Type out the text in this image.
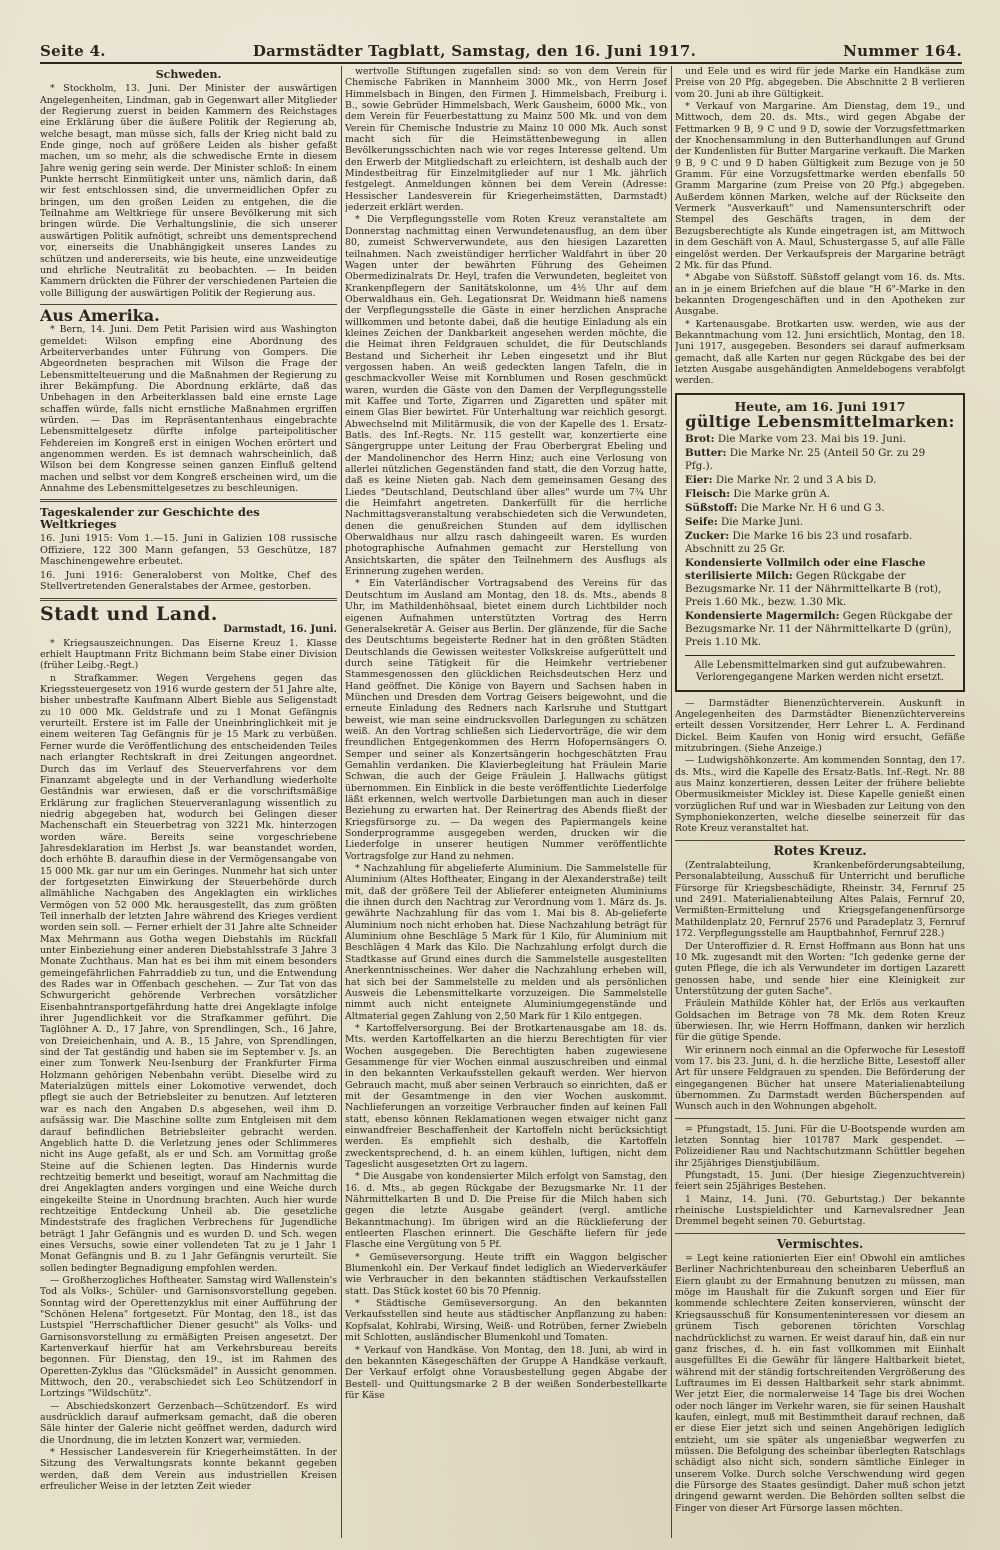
Seite 4.	Darmstädter Tagblatt, Samstag, den 16. Juni 1917.	Nummer 164.
Schweden.

* Stockholm, 13. Juni. Der Minister der auswärtigen Angelegenheiten, Lindman, gab in Gegenwart aller Mitglieder der Regierung zuerst in beiden Kammern des Reichstages eine Erklärung über die äußere Politik der Regierung ab, welche besagt, man müsse sich, falls der Krieg nicht bald zu Ende ginge, noch auf größere Leiden als bisher gefaßt machen, um so mehr, als die schwedische Ernte in diesem Jahre wenig gering sein werde. Der Minister schloß: In einem Punkte herrscht Einmütigkeit unter uns, nämlich darin, daß wir fest entschlossen sind, die unvermeidlichen Opfer zu bringen, um den großen Leiden zu entgehen, die die Teilnahme am Weltkriege für unsere Bevölkerung mit sich bringen würde. Die Verhaltungslinie, die sich unserer auswärtigen Politik aufnötigt, schreibt uns dementsprechend vor, einerseits die Unabhängigkeit unseres Landes zu schützen und andererseits, wie bis heute, eine unzweideutige und ehrliche Neutralität zu beobachten. — In beiden Kammern drückten die Führer der verschiedenen Parteien die volle Billigung der auswärtigen Politik der Regierung aus.

Aus Amerika.

* Bern, 14. Juni. Dem Petit Parisien wird aus Washington gemeldet: Wilson empfing eine Abordnung des Arbeiterverbandes unter Führung von Gompers. Die Abgeordneten besprachen mit Wilson die Frage der Lebensmittelteuerung und die Maßnahmen der Regierung zu ihrer Bekämpfung. Die Abordnung erklärte, daß das Unbehagen in den Arbeiterklassen bald eine ernste Lage schaffen würde, falls nicht ernstliche Maßnahmen ergriffen würden. — Das im Repräsentantenhaus eingebrachte Lebensmittelgesetz dürfte infolge parteipolitischer Fehdereien im Kongreß erst in einigen Wochen erörtert und angenommen werden. Es ist demnach wahrscheinlich, daß Wilson bei dem Kongresse seinen ganzen Einfluß geltend machen und selbst vor dem Kongreß erscheinen wird, um die Annahme des Lebensmittelgesetzes zu beschleunigen.

Tageskalender zur Geschichte des Weltkrieges

16. Juni 1915: Vom 1.—15. Juni in Galizien 108 russische Offiziere, 122 300 Mann gefangen, 53 Geschütze, 187 Maschinengewehre erbeutet.

16. Juni 1916: Generaloberst von Moltke, Chef des Stellvertretenden Generalstabes der Armee, gestorben.

Stadt und Land.
Darmstadt, 16. Juni.

* Kriegsauszeichnungen. Das Eiserne Kreuz 1. Klasse erhielt Hauptmann Fritz Bichmann beim Stabe einer Division (früher Leibg.-Regt.)

n Strafkammer. Wegen Vergehens gegen das Kriegssteuergesetz von 1916 wurde gestern der 51 Jahre alte, bisher unbestrafte Kaufmann Albert Bieble aus Seligenstadt zu 10 000 Mk. Geldstrafe und zu 1 Monat Gefängnis verurteilt. Erstere ist im Falle der Uneinbringlichkeit mit je einem weiteren Tag Gefängnis für je 15 Mark zu verbüßen. Ferner wurde die Veröffentlichung des entscheidenden Teiles nach erlangter Rechtskraft in drei Zeitungen angeordnet. Durch das im Verlauf des Steuerverfahrens vor dem Finanzamt abgelegte und in der Verhandlung wiederholte Geständnis war erwiesen, daß er die vorschriftsmäßige Erklärung zur fraglichen Steuerveranlagung wissentlich zu niedrig abgegeben hat, wodurch bei Gelingen dieser Machenschaft ein Steuerbetrag von 3221 Mk. hinterzogen worden wäre. Bereits seine vorgeschriebene Jahresdeklaration im Herbst Js. war beanstandet worden, doch erhöhte B. daraufhin diese in der Vermögensangabe von 15 000 Mk. gar nur um ein Geringes. Nunmehr hat sich unter der fortgesetzten Einwirkung der Steuerbehörde durch allmähliche Nachgaben des Angeklagten ein wirkliches Vermögen von 52 000 Mk. herausgestellt, das zum größten Teil innerhalb der letzten Jahre während des Krieges verdient worden sein soll. — Ferner erhielt der 31 Jahre alte Schneider Max Mehrmann aus Gotha wegen Diebstahls im Rückfall unter Einbeziehung einer anderen Diebstahlsstrafe 3 Jahre 3 Monate Zuchthaus. Man hat es bei ihm mit einem besonders gemeingefährlichen Fahrraddieb zu tun, und die Entwendung des Rades war in Offenbach geschehen. — Zur Tat von das Schwurgericht gehörende Verbrechen vorsätzlicher Eisenbahntransportgefährdung hatte drei Angeklagte infolge ihrer Jugendlichkeit vor die Strafkammer geführt. Die Taglöhner A. D., 17 Jahre, von Sprendlingen, Sch., 16 Jahre, von Dreieichenhain, und A. B., 15 Jahre, von Sprendlingen, sind der Tat geständig und haben sie im September v. Js. an einer zum Tonwerk Neu-Isenburg der Frankfurter Firma Holzmann gehörigen Nebenbahn verübt. Dieselbe wird zu Materialzügen mittels einer Lokomotive verwendet, doch pflegt sie auch der Betriebsleiter zu benutzen. Auf letzteren war es nach den Angaben D.s abgesehen, weil ihm D. aufsässig war. Die Maschine sollte zum Entgleisen mit dem darauf befindlichen Betriebsleiter gebracht werden. Angeblich hatte D. die Verletzung jenes oder Schlimmeres nicht ins Auge gefaßt, als er und Sch. am Vormittag große Steine auf die Schienen legten. Das Hindernis wurde rechtzeitig bemerkt und beseitigt, worauf am Nachmittag die drei Angeklagten anders vorgingen und eine Weiche durch eingekeilte Steine in Unordnung brachten. Auch hier wurde rechtzeitige Entdeckung Unheil ab. Die gesetzliche Mindeststrafe des fraglichen Verbrechens für Jugendliche beträgt 1 Jahr Gefängnis und es wurden D. und Sch. wegen eines Versuchs, sowie einer vollendeten Tat zu je 1 Jahr 1 Monat Gefängnis und B. zu 1 Jahr Gefängnis verurteilt. Sie sollen bedingter Begnadigung empfohlen werden.

— Großherzogliches Hoftheater. Samstag wird Wallenstein's Tod als Volks-, Schüler- und Garnisonsvorstellung gegeben. Sonntag wird der Operettenzyklus mit einer Aufführung der "Schönen Helena" fortgesetzt. Für Montag, den 18., ist das Lustspiel "Herrschaftlicher Diener gesucht" als Volks- und Garnisonsvorstellung zu ermäßigten Preisen angesetzt. Der Kartenverkauf hierfür hat am Verkehrsbureau bereits begonnen. Für Dienstag, den 19., ist im Rahmen des Operetten-Zyklus das "Glücksmädel" in Aussicht genommen. Mittwoch, den 20., verabschiedet sich Leo Schützendorf in Lortzings "Wildschütz".

— Abschiedskonzert Gerzenbach—Schützendorf. Es wird ausdrücklich darauf aufmerksam gemacht, daß die oberen Säle hinter der Galerie nicht geöffnet werden, dadurch wird die Unordnung, die im letzten Konzert war, vermieden.

* Hessischer Landesverein für Kriegerheimstätten. In der Sitzung des Verwaltungsrats konnte bekannt gegeben werden, daß dem Verein aus industriellen Kreisen erfreulicher Weise in der letzten Zeit wieder

wertvolle Stiftungen zugefallen sind: so von dem Verein für Chemische Fabriken in Mannheim 3000 Mk., von Herrn Josef Himmelsbach in Bingen, den Firmen J. Himmelsbach, Freiburg i. B., sowie Gebrüder Himmelsbach, Werk Gausheim, 6000 Mk., von dem Verein für Feuerbestattung zu Mainz 500 Mk. und von dem Verein für Chemische Industrie zu Mainz 10 000 Mk. Auch sonst macht sich für die Heimstättenbewegung in allen Bevölkerungsschichten nach wie vor reges Interesse geltend. Um den Erwerb der Mitgliedschaft zu erleichtern, ist deshalb auch der Mindestbeitrag für Einzelmitglieder auf nur 1 Mk. jährlich festgelegt. Anmeldungen können bei dem Verein (Adresse: Hessischer Landesverein für Kriegerheimstätten, Darmstadt) jederzeit erklärt werden.

* Die Verpflegungsstelle vom Roten Kreuz veranstaltete am Donnerstag nachmittag einen Verwundetenausflug, an dem über 80, zumeist Schwerverwundete, aus den hiesigen Lazaretten teilnahmen. Nach zweistündiger herrlicher Waldfahrt in über 20 Wagen unter der bewährten Führung des Geheimen Obermedizinalrats Dr. Heyl, trafen die Verwundeten, begleitet von Krankenpflegern der Sanitätskolonne, um 4½ Uhr auf dem Oberwaldhaus ein. Geh. Legationsrat Dr. Weidmann hieß namens der Verpflegungsstelle die Gäste in einer herzlichen Ansprache willkommen und betonte dabei, daß die heutige Einladung als ein kleines Zeichen der Dankbarkeit angesehen werden möchte, die die Heimat ihren Feldgrauen schuldet, die für Deutschlands Bestand und Sicherheit ihr Leben eingesetzt und ihr Blut vergossen haben. An weiß gedeckten langen Tafeln, die in geschmackvoller Weise mit Kornblumen und Rosen geschmückt waren, wurden die Gäste von den Damen der Verpflegungsstelle mit Kaffee und Torte, Zigarren und Zigaretten und später mit einem Glas Bier bewirtet. Für Unterhaltung war reichlich gesorgt. Abwechselnd mit Militärmusik, die von der Kapelle des 1. Ersatz-Batls. des Inf.-Regts. Nr. 115 gestellt war, konzertierte eine Sängergruppe unter Leitung der Frau Oberbergrat Ebeling und der Mandolinenchor des Herrn Hinz; auch eine Verlosung von allerlei nützlichen Gegenständen fand statt, die den Vorzug hatte, daß es keine Nieten gab. Nach dem gemeinsamen Gesang des Liedes "Deutschland, Deutschland über alles" wurde um 7¾ Uhr die Heimfahrt angetreten. Dankerfüllt für die herrliche Nachmittagsveranstaltung verabschiedeten sich die Verwundeten, denen die genußreichen Stunden auf dem idyllischen Oberwaldhaus nur allzu rasch dahingeeilt waren. Es wurden photographische Aufnahmen gemacht zur Herstellung von Ansichtskarten, die später den Teilnehmern des Ausflugs als Erinnerung zugehen werden.

* Ein Vaterländischer Vortragsabend des Vereins für das Deutschtum im Ausland am Montag, den 18. ds. Mts., abends 8 Uhr, im Mathildenhöhsaal, bietet einem durch Lichtbilder noch eigenen Aufnahmen unterstützten Vortrag des Herrn Generalsekretär A. Geiser aus Berlin. Der glänzende, für die Sache des Deutschtums begeisterte Redner hat in den größten Städten Deutschlands die Gewissen weitester Volkskreise aufgerüttelt und durch seine Tätigkeit für die Heimkehr vertriebener Stammesgenossen den glücklichen Reichsdeutschen Herz und Hand geöffnet. Die Könige von Bayern und Sachsen haben in München und Dresden dem Vortrag Geisers beigewohnt, und die erneute Einladung des Redners nach Karlsruhe und Stuttgart beweist, wie man seine eindrucksvollen Darlegungen zu schätzen weiß. An den Vortrag schließen sich Liedervorträge, die wir dem freundlichen Entgegenkommen des Herrn Hofopernsängers O. Semper und seiner als Konzertsängerin hochgeschätzten Frau Gemahlin verdanken. Die Klavierbegleitung hat Fräulein Marie Schwan, die auch der Geige Fräulein J. Hallwachs gütigst übernommen. Ein Einblick in die beste veröffentlichte Liederfolge läßt erkennen, welch wertvolle Darbietungen man auch in dieser Beziehung zu erwarten hat. Der Reinertrag des Abends fließt der Kriegsfürsorge zu. — Da wegen des Papiermangels keine Sonderprogramme ausgegeben werden, drucken wir die Liederfolge in unserer heutigen Nummer veröffentlichte Vortragsfolge zur Hand zu nehmen.

* Nachzahlung für abgelieferte Aluminium. Die Sammelstelle für Aluminium (Altes Hoftheater, Eingang in der Alexanderstraße) teilt mit, daß der größere Teil der Ablieferer enteigneten Aluminiums die ihnen durch den Nachtrag zur Verordnung vom 1. März ds. Js. gewährte Nachzahlung für das vom 1. Mai bis 8. Ab-gelieferte Aluminium noch nicht erhoben hat. Diese Nachzahlung beträgt für Aluminium ohne Beschläge 5 Mark für 1 Kilo, für Aluminium mit Beschlägen 4 Mark das Kilo. Die Nachzahlung erfolgt durch die Stadtkasse auf Grund eines durch die Sammelstelle ausgestellten Anerkenntnisscheines. Wer daher die Nachzahlung erheben will, hat sich bei der Sammelstelle zu melden und als persönlichen Ausweis die Lebensmittelkarte vorzuzeigen. Die Sammelstelle nimmt auch nicht enteignete Aluminiumgegenstände und Altmaterial gegen Zahlung von 2,50 Mark für 1 Kilo entgegen.

* Kartoffelversorgung. Bei der Brotkartenausgabe am 18. ds. Mts. werden Kartoffelkarten an die hierzu Berechtigten für vier Wochen ausgegeben. Die Berechtigten haben zugewiesene Gesammenge für vier Wochen einmal auszuschreiben und einmal in den bekannten Verkaufsstellen gekauft werden. Wer hiervon Gebrauch macht, muß aber seinen Verbrauch so einrichten, daß er mit der Gesamtmenge in den vier Wochen auskommt. Nachlieferungen an vorzeitige Verbraucher finden auf keinen Fall statt, ebenso können Reklamationen wegen etwaiger nicht ganz einwandfreier Beschaffenheit der Kartoffeln nicht berücksichtigt werden. Es empfiehlt sich deshalb, die Kartoffeln zweckentsprechend, d. h. an einem kühlen, luftigen, nicht dem Tageslicht ausgesetzten Ort zu lagern.

* Die Ausgabe von kondensierter Milch erfolgt von Samstag, den 16. d. Mts., ab gegen Rückgabe der Bezugsmarke Nr. 11 der Nährmittelkarten B und D. Die Preise für die Milch haben sich gegen die letzte Ausgabe geändert (vergl. amtliche Bekanntmachung). Im übrigen wird an die Rücklieferung der entleerten Flaschen erinnert. Die Geschäfte liefern für jede Flasche eine Vergütung von 5 Pf.

* Gemüseversorgung. Heute trifft ein Waggon belgischer Blumenkohl ein. Der Verkauf findet lediglich an Wiederverkäufer wie Verbraucher in den bekannten städtischen Verkaufsstellen statt. Das Stück kostet 60 bis 70 Pfennig.

* Städtische Gemüseversorgung. An den bekannten Verkaufsstellen sind heute aus städtischer Anpflanzung zu haben: Kopfsalat, Kohlrabi, Wirsing, Weiß- und Rotrüben, ferner Zwiebeln mit Schlotten, ausländischer Blumenkohl und Tomaten.

* Verkauf von Handkäse. Von Montag, den 18. Juni, ab wird in den bekannten Käsegeschäften der Gruppe A Handkäse verkauft. Der Verkauf erfolgt ohne Vorausbestellung gegen Abgabe der Bestell- und Quittungsmarke 2 B der weißen Sonderbestellkarte für Käse

und Eele und es wird für jede Marke ein Handkäse zum Preise von 20 Pfg. abgegeben. Die Abschnitte 2 B verlieren vom 20. Juni ab ihre Gültigkeit.

* Verkauf von Margarine. Am Dienstag, dem 19., und Mittwoch, dem 20. ds. Mts., wird gegen Abgabe der Fettmarken 9 B, 9 C und 9 D, sowie der Vorzugsfettmarken der Knochensammlung in den Butterhandlungen auf Grund der Kundenlisten für Butter Margarine verkauft. Die Marken 9 B, 9 C und 9 D haben Gültigkeit zum Bezuge von je 50 Gramm. Für eine Vorzugsfettmarke werden ebenfalls 50 Gramm Margarine (zum Preise von 20 Pfg.) abgegeben. Außerdem können Marken, welche auf der Rückseite den Vermerk "Ausverkauft" und Namensunterschrift oder Stempel des Geschäfts tragen, in dem der Bezugsberechtigte als Kunde eingetragen ist, am Mittwoch in dem Geschäft von A. Maul, Schustergasse 5, auf alle Fälle eingelöst werden. Der Verkaufspreis der Margarine beträgt 2 Mk. für das Pfund.

* Abgabe von Süßstoff. Süßstoff gelangt vom 16. ds. Mts. an in je einem Briefchen auf die blaue "H 6"-Marke in den bekannten Drogengeschäften und in den Apotheken zur Ausgabe.

* Kartenausgabe. Brotkarten usw. werden, wie aus der Bekanntmachung vom 12. Juni ersichtlich, Montag, den 18. Juni 1917, ausgegeben. Besonders sei darauf aufmerksam gemacht, daß alle Karten nur gegen Rückgabe des bei der letzten Ausgabe ausgehändigten Anmeldebogens verabfolgt werden.

Heute, am 16. Juni 1917
gültige Lebensmittelmarken:
Brot: Die Marke vom 23. Mai bis 19. Juni.
Butter: Die Marke Nr. 25 (Anteil 50 Gr. zu 29 Pfg.).
Eier: Die Marke Nr. 2 und 3 A bis D.
Fleisch: Die Marke grün A.
Süßstoff: Die Marke Nr. H 6 und G 3.
Seife: Die Marke Juni.
Zucker: Die Marke 16 bis 23 und rosafarb. Abschnitt zu 25 Gr.
Kondensierte Vollmilch oder eine Flasche sterilisierte Milch: Gegen Rückgabe der Bezugsmarke Nr. 11 der Nährmittelkarte B (rot), Preis 1.60 Mk., bezw. 1.30 Mk.
Kondensierte Magermilch: Gegen Rückgabe der Bezugsmarke Nr. 11 der Nährmittelkarte D (grün), Preis 1.10 Mk.
Alle Lebensmittelmarken sind gut aufzubewahren. Verlorengegangene Marken werden nicht ersetzt.

— Darmstädter Bienenzüchterverein. Auskunft in Angelegenheiten des Darmstädter Bienenzüchtervereins erteilt dessen Vorsitzender, Herr Lehrer L. A. Ferdinand Dickel. Beim Kaufen von Honig wird ersucht, Gefäße mitzubringen. (Siehe Anzeige.)

— Ludwigshöhkonzerte. Am kommenden Sonntag, den 17. ds. Mts., wird die Kapelle des Ersatz-Batls. Inf.-Regt. Nr. 88 aus Mainz konzertieren, dessen Leiter der frühere beliebte Obermusikmeister Mickley ist. Diese Kapelle genießt einen vorzüglichen Ruf und war in Wiesbaden zur Leitung von den Symphoniekonzerten, welche dieselbe seinerzeit für das Rote Kreuz veranstaltet hat.

Rotes Kreuz.

(Zentralabteilung, Krankenbeförderungsabteilung, Personalabteilung, Ausschuß für Unterricht und berufliche Fürsorge für Kriegsbeschädigte, Rheinstr. 34, Fernruf 25 und 2491. Materialienabteilung Altes Palais, Fernruf 20, Vermißten-Ermittelung und Kriegsgefangenenfürsorge Mathildenplatz 20, Fernruf 2576 und Paradeplatz 3, Fernruf 172. Verpflegungsstelle am Hauptbahnhof, Fernruf 228.)

Der Unteroffizier d. R. Ernst Hoffmann aus Bonn hat uns 10 Mk. zugesandt mit den Worten: "Ich gedenke gerne der guten Pflege, die ich als Verwundeter im dortigen Lazarett genossen habe, und sende hier eine Kleinigkeit zur Unterstützung der guten Sache".

Fräulein Mathilde Köhler hat, der Erlös aus verkauften Goldsachen im Betrage von 78 Mk. dem Roten Kreuz überwiesen. Ihr, wie Herrn Hoffmann, danken wir herzlich für die gütige Spende.

Wir erinnern noch einmal an die Opferwoche für Lesestoff vom 17. bis 23. Juni, d. h. die herzliche Bitte, Lesestoff aller Art für unsere Feldgrauen zu spenden. Die Beförderung der eingegangenen Bücher hat unsere Materialienabteilung übernommen. Zu Darmstadt werden Bücherspenden auf Wunsch auch in den Wohnungen abgeholt.

= Pfungstadt, 15. Juni. Für die U-Bootspende wurden am letzten Sonntag hier 101787 Mark gespendet. — Polizeidiener Rau und Nachtschutzmann Schüttler begehen ihr 25jähriges Dienstjubiläum.

Pfungstadt, 15. Juni. (Der hiesige Ziegenzuchtverein) feiert sein 25jähriges Bestehen.

1 Mainz, 14. Juni. (70. Geburtstag.) Der bekannte rheinische Lustspieldichter und Karnevalsredner Jean Dremmel begeht seinen 70. Geburtstag.

Vermischtes.

= Legt keine rationierten Eier ein! Obwohl ein amtliches Berliner Nachrichtenbureau den scheinbaren Ueberfluß an Eiern glaubt zu der Ermahnung benutzen zu müssen, man möge im Haushalt für die Zukunft sorgen und Eier für kommende schlechtere Zeiten konservieren, wünscht der Kriegsausschuß für Konsumenteninteressen vor diesem an grünem Tisch geborenen törichten Vorschlag nachdrücklichst zu warnen. Er weist darauf hin, daß ein nur ganz frisches, d. h. ein fast vollkommen mit Eiinhalt ausgefülltes Ei die Gewähr für längere Haltbarkeit bietet, während mit der ständig fortschreitenden Vergrößerung des Luftraumes im Ei dessen Haltbarkeit sehr stark abnimmt. Wer jetzt Eier, die normalerweise 14 Tage bis drei Wochen oder noch länger im Verkehr waren, sie für seinen Haushalt kaufen, einlegt, muß mit Bestimmtheit darauf rechnen, daß er diese Eier jetzt sich und seinen Angehörigen lediglich entzieht, um sie später als ungenießbar wegwerfen zu müssen. Die Befolgung des scheinbar überlegten Ratschlags schädigt also nicht sich, sondern sämtliche Einleger in unserem Volke. Durch solche Verschwendung wird gegen die Fürsorge des Staates gesündigt. Daher muß schon jetzt dringend gewarnt werden. Die Behörden sollten selbst die Finger von dieser Art Fürsorge lassen möchten.
